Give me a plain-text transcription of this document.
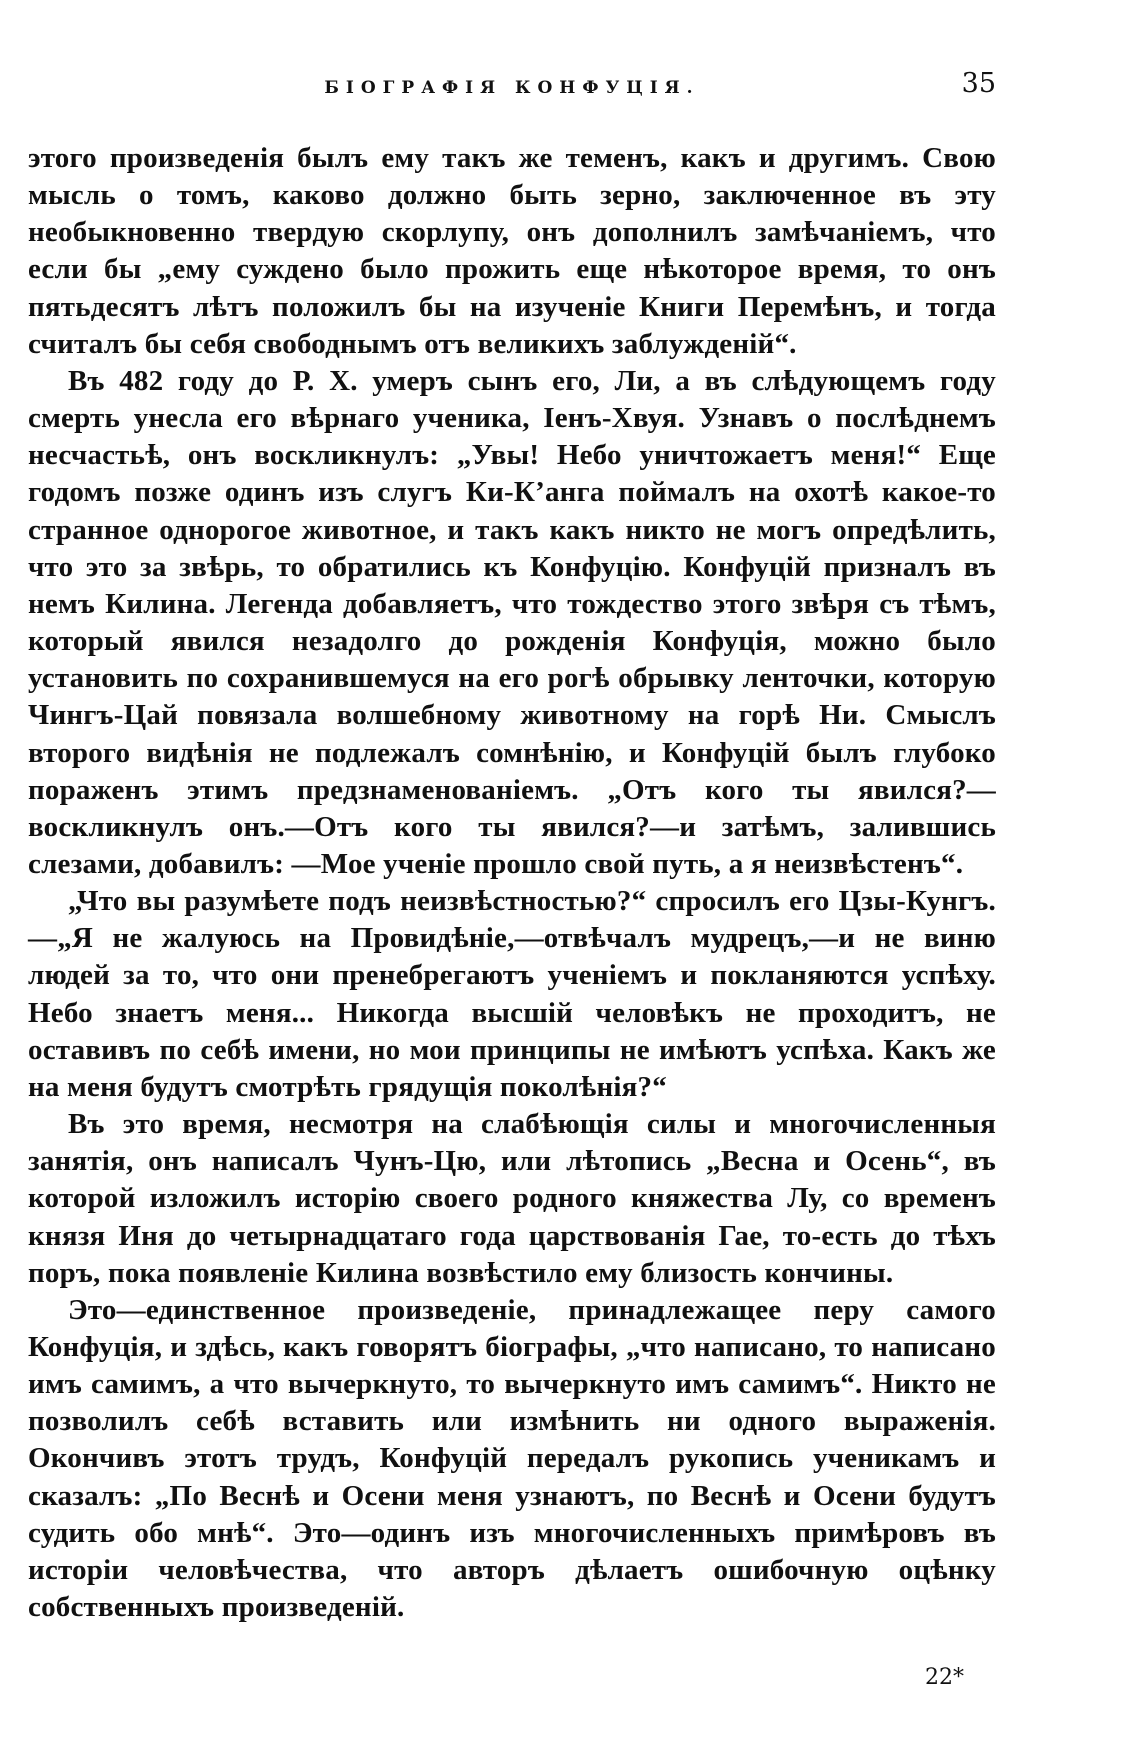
БІОГРАФІЯ КОНФУЦІЯ.	35

этого произведенія былъ ему такъ же теменъ, какъ и другимъ. Свою мысль о томъ, каково должно быть зерно, заключенное въ эту необыкновенно твердую скорлупу, онъ дополнилъ замѣчаніемъ, что если бы „ему суждено было прожить еще нѣкоторое время, то онъ пятьдесятъ лѣтъ положилъ бы на изученіе Книги Перемѣнъ, и тогда считалъ бы себя свободнымъ отъ великихъ заблужденій“.

Въ 482 году до Р. Х. умеръ сынъ его, Ли, а въ слѣдующемъ году смерть унесла его вѣрнаго ученика, Іенъ-Хвуя. Узнавъ о послѣднемъ несчастьѣ, онъ воскликнулъ: „Увы! Небо уничтожаетъ меня!“ Еще годомъ позже одинъ изъ слугъ Ки-К’анга поймалъ на охотѣ какое-то странное однорогое животное, и такъ какъ никто не могъ опредѣлить, что это за звѣрь, то обратились къ Конфуцію. Конфуцій призналъ въ немъ Килина. Легенда добавляетъ, что тождество этого звѣря съ тѣмъ, который явился незадолго до рожденія Конфуція, можно было установить по сохранившемуся на его рогѣ обрывку ленточки, которую Чингъ-Цай повязала волшебному животному на горѣ Ни. Смыслъ второго видѣнія не подлежалъ сомнѣнію, и Конфуцій былъ глубоко пораженъ этимъ предзнаменованіемъ. „Отъ кого ты явился?—воскликнулъ онъ.—Отъ кого ты явился?—и затѣмъ, залившись слезами, добавилъ: —Мое ученіе прошло свой путь, а я неизвѣстенъ“.

„Что вы разумѣете подъ неизвѣстностью?“ спросилъ его Цзы-Кунгъ.—„Я не жалуюсь на Провидѣніе,—отвѣчалъ мудрецъ,—и не виню людей за то, что они пренебрегаютъ ученіемъ и покланяются успѣху. Небо знаетъ меня... Никогда высшій человѣкъ не проходитъ, не оставивъ по себѣ имени, но мои принципы не имѣютъ успѣха. Какъ же на меня будутъ смотрѣть грядущія поколѣнія?“

Въ это время, несмотря на слабѣющія силы и многочисленныя занятія, онъ написалъ Чунъ-Цю, или лѣтопись „Весна и Осень“, въ которой изложилъ исторію своего родного княжества Лу, со временъ князя Иня до четырнадцатаго года царствованія Гае, то-есть до тѣхъ поръ, пока появленіе Килина возвѣстило ему близость кончины.

Это—единственное произведеніе, принадлежащее перу самого Конфуція, и здѣсь, какъ говорятъ біографы, „что написано, то написано имъ самимъ, а что вычеркнуто, то вычеркнуто имъ самимъ“. Никто не позволилъ себѣ вставить или измѣнить ни одного выраженія. Окончивъ этотъ трудъ, Конфуцій передалъ рукопись ученикамъ и сказалъ: „По Веснѣ и Осени меня узнаютъ, по Веснѣ и Осени будутъ судить обо мнѣ“. Это—одинъ изъ многочисленныхъ примѣровъ въ исторіи человѣчества, что авторъ дѣлаетъ ошибочную оцѣнку собственныхъ произведеній.

22*
